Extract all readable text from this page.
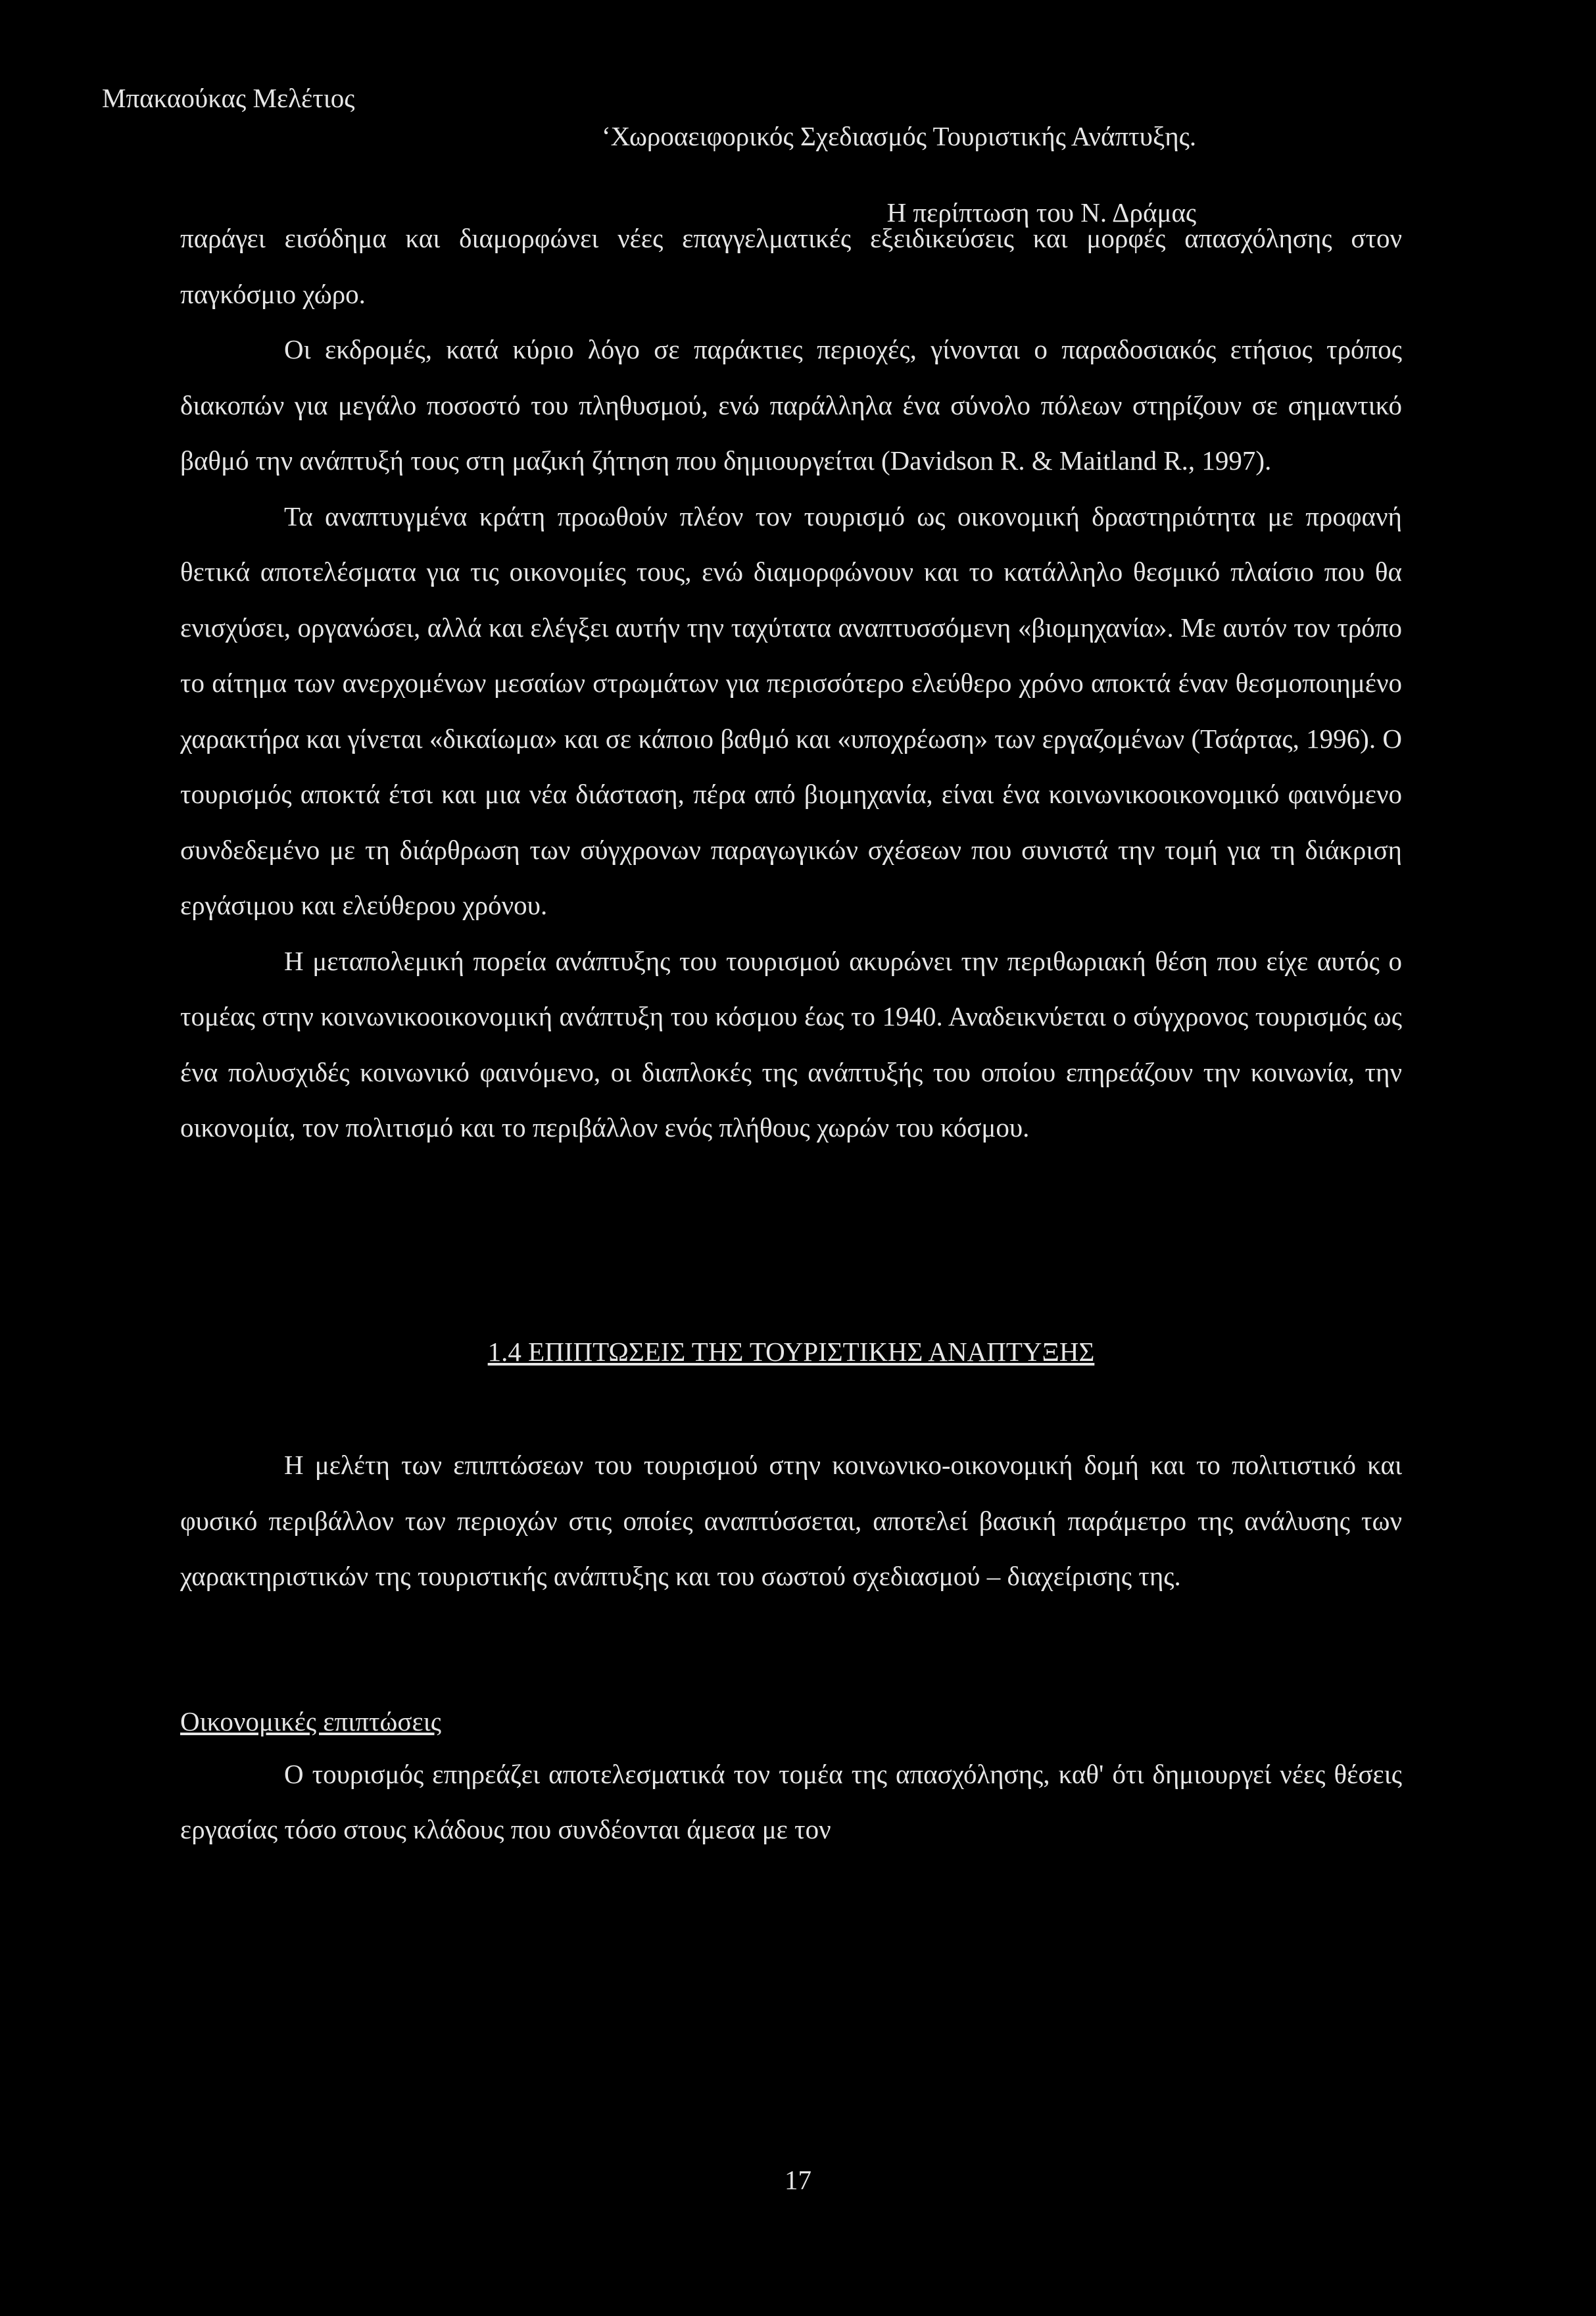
Μπακαούκας Μελέτιος

‘Χωροαειφορικός Σχεδιασμός Τουριστικής Ανάπτυξης.

Η περίπτωση του Ν. Δράμας

παράγει εισόδημα και διαμορφώνει νέες επαγγελματικές εξειδικεύσεις και μορφές απασχόλησης στον παγκόσμιο χώρο.

Οι εκδρομές, κατά κύριο λόγο σε παράκτιες περιοχές, γίνονται ο παραδοσιακός ετήσιος τρόπος διακοπών για μεγάλο ποσοστό του πληθυσμού, ενώ παράλληλα ένα σύνολο πόλεων στηρίζουν σε σημαντικό βαθμό την ανάπτυξή τους στη μαζική ζήτηση που δημιουργείται (Davidson R. & Maitland R., 1997).

Τα αναπτυγμένα κράτη προωθούν πλέον τον τουρισμό ως οικονομική δραστηριότητα με προφανή θετικά αποτελέσματα για τις οικονομίες τους, ενώ διαμορφώνουν και το κατάλληλο θεσμικό πλαίσιο που θα ενισχύσει, οργανώσει, αλλά και ελέγξει αυτήν την ταχύτατα αναπτυσσόμενη «βιομηχανία». Με αυτόν τον τρόπο το αίτημα των ανερχομένων μεσαίων στρωμάτων για περισσότερο ελεύθερο χρόνο αποκτά έναν θεσμοποιημένο χαρακτήρα και γίνεται «δικαίωμα» και σε κάποιο βαθμό και «υποχρέωση» των εργαζομένων (Τσάρτας, 1996). Ο τουρισμός αποκτά έτσι και μια νέα διάσταση, πέρα από βιομηχανία, είναι ένα κοινωνικοοικονομικό φαινόμενο συνδεδεμένο με τη διάρθρωση των σύγχρονων παραγωγικών σχέσεων που συνιστά την τομή για τη διάκριση εργάσιμου και ελεύθερου χρόνου.

Η μεταπολεμική πορεία ανάπτυξης του τουρισμού ακυρώνει την περιθωριακή θέση που είχε αυτός ο τομέας στην κοινωνικοοικονομική ανάπτυξη του κόσμου έως το 1940. Αναδεικνύεται ο σύγχρονος τουρισμός ως ένα πολυσχιδές κοινωνικό φαινόμενο, οι διαπλοκές της ανάπτυξής του οποίου επηρεάζουν την κοινωνία, την οικονομία, τον πολιτισμό και το περιβάλλον ενός πλήθους χωρών του κόσμου.

1.4 ΕΠΙΠΤΩΣΕΙΣ ΤΗΣ ΤΟΥΡΙΣΤΙΚΗΣ ΑΝΑΠΤΥΞΗΣ

Η μελέτη των επιπτώσεων του τουρισμού στην κοινωνικο-οικονομική δομή και το πολιτιστικό και φυσικό περιβάλλον των περιοχών στις οποίες αναπτύσσεται, αποτελεί βασική παράμετρο της ανάλυσης των χαρακτηριστικών της τουριστικής ανάπτυξης και του σωστού σχεδιασμού – διαχείρισης της.

Οικονομικές επιπτώσεις

Ο τουρισμός επηρεάζει αποτελεσματικά τον τομέα της απασχόλησης, καθ' ότι δημιουργεί νέες θέσεις εργασίας τόσο στους κλάδους που συνδέονται άμεσα με τον

17
